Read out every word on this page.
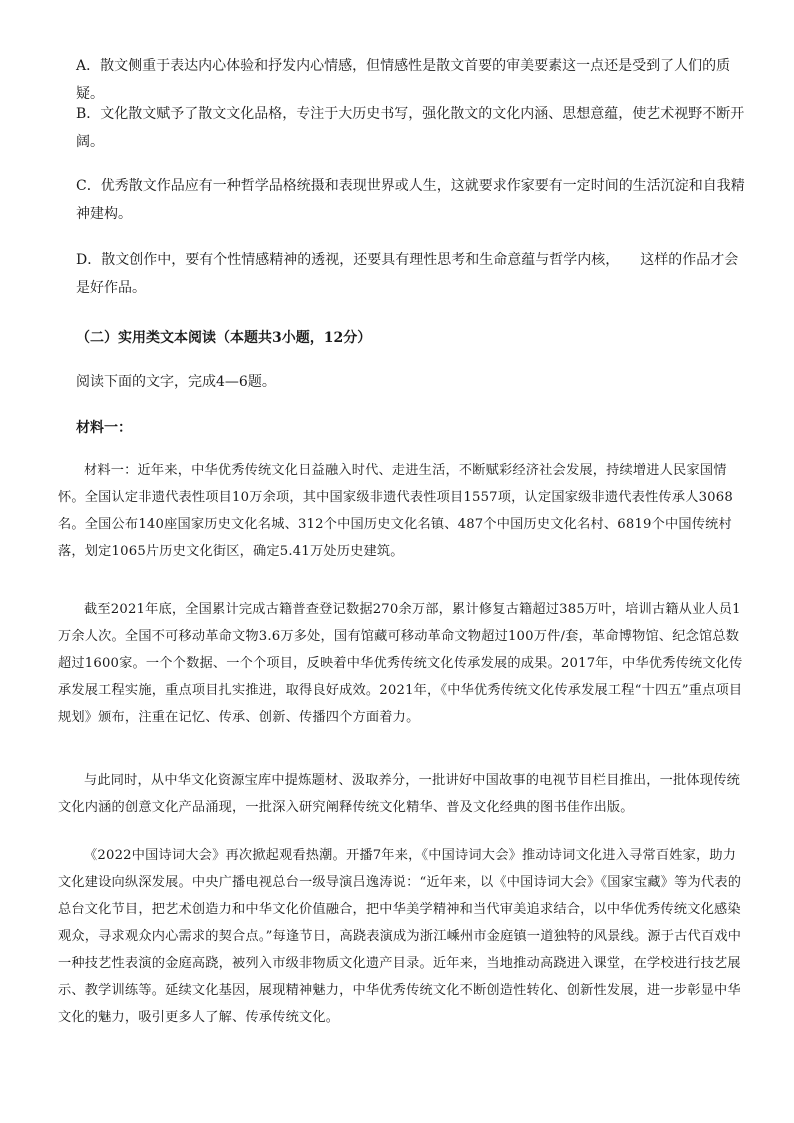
A．散文侧重于表达内心体验和抒发内心情感，但情感性是散文首要的审美要素这一点还是受到了人们的质疑。

B．文化散文赋予了散文文化品格，专注于大历史书写，强化散文的文化内涵、思想意蕴，使艺术视野不断开阔。

C．优秀散文作品应有一种哲学品格统摄和表现世界或人生，这就要求作家要有一定时间的生活沉淀和自我精神建构。

D．散文创作中，要有个性情感精神的透视，还要具有理性思考和生命意蕴与哲学内核，　　这样的作品才会是好作品。

（二）实用类文本阅读（本题共3小题，12分）

阅读下面的文字，完成4—6题。

材料一：

材料一：近年来，中华优秀传统文化日益融入时代、走进生活，不断赋彩经济社会发展，持续增进人民家国情怀。全国认定非遗代表性项目10万余项，其中国家级非遗代表性项目1557项，认定国家级非遗代表性传承人3068名。全国公布140座国家历史文化名城、312个中国历史文化名镇、487个中国历史文化名村、6819个中国传统村落，划定1065片历史文化街区，确定5.41万处历史建筑。

截至2021年底，全国累计完成古籍普查登记数据270余万部，累计修复古籍超过385万叶，培训古籍从业人员1万余人次。全国不可移动革命文物3.6万多处，国有馆藏可移动革命文物超过100万件/套，革命博物馆、纪念馆总数超过1600家。一个个数据、一个个项目，反映着中华优秀传统文化传承发展的成果。2017年，中华优秀传统文化传承发展工程实施，重点项目扎实推进，取得良好成效。2021年，《中华优秀传统文化传承发展工程“十四五”重点项目规划》颁布，注重在记忆、传承、创新、传播四个方面着力。

与此同时，从中华文化资源宝库中提炼题材、汲取养分，一批讲好中国故事的电视节目栏目推出，一批体现传统文化内涵的创意文化产品涌现，一批深入研究阐释传统文化精华、普及文化经典的图书佳作出版。

《2022中国诗词大会》再次掀起观看热潮。开播7年来，《中国诗词大会》推动诗词文化进入寻常百姓家，助力文化建设向纵深发展。中央广播电视总台一级导演吕逸涛说：“近年来，以《中国诗词大会》《国家宝藏》等为代表的总台文化节目，把艺术创造力和中华文化价值融合，把中华美学精神和当代审美追求结合，以中华优秀传统文化感染观众，寻求观众内心需求的契合点。”每逢节日，高跷表演成为浙江嵊州市金庭镇一道独特的风景线。源于古代百戏中一种技艺性表演的金庭高跷，被列入市级非物质文化遗产目录。近年来，当地推动高跷进入课堂，在学校进行技艺展示、教学训练等。延续文化基因，展现精神魅力，中华优秀传统文化不断创造性转化、创新性发展，进一步彰显中华文化的魅力，吸引更多人了解、传承传统文化。
